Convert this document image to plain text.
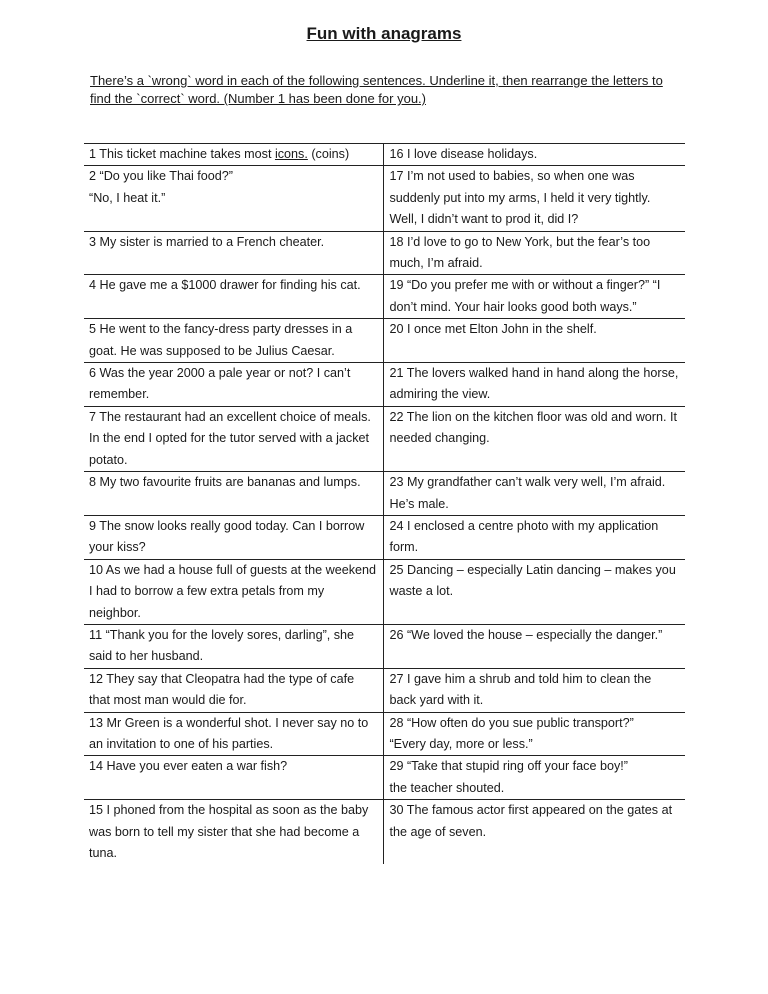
Fun with anagrams

There’s a `wrong` word in each of the following sentences. Underline it, then rearrange the letters to find the `correct` word. (Number 1 has been done for you.)

1 This ticket machine takes most icons. (coins)	16 I love disease holidays.
2 “Do you like Thai food?”
“No, I heat it.”	17 I’m not used to babies, so when one was suddenly put into my arms, I held it very tightly. Well, I didn’t want to prod it, did I?
3 My sister is married to a French cheater.	18 I’d love to go to New York, but the fear’s too much, I’m afraid.
4 He gave me a $1000 drawer for finding his cat.	19 “Do you prefer me with or without a finger?” “I don’t mind. Your hair looks good both ways.”
5 He went to the fancy-dress party dresses in a goat. He was supposed to be Julius Caesar.	20 I once met Elton John in the shelf.
6 Was the year 2000 a pale year or not? I can’t remember.	21 The lovers walked hand in hand along the horse, admiring the view.
7 The restaurant had an excellent choice of meals. In the end I opted for the tutor served with a jacket potato.	22 The lion on the kitchen floor was old and worn. It needed changing.
8 My two favourite fruits are bananas and lumps.	23 My grandfather can’t walk very well, I’m afraid. He’s male.
9 The snow looks really good today. Can I borrow your kiss?	24 I enclosed a centre photo with my application form.
10 As we had a house full of guests at the weekend I had to borrow a few extra petals from my neighbor.	25 Dancing – especially Latin dancing – makes you waste a lot.
11 “Thank you for the lovely sores, darling”, she said to her husband.	26 “We loved the house – especially the danger.”
12 They say that Cleopatra had the type of cafe that most man would die for.	27 I gave him a shrub and told him to clean the back yard with it.
13 Mr Green is a wonderful shot. I never say no to an invitation to one of his parties.	28 “How often do you sue public transport?”
“Every day, more or less.”
14 Have you ever eaten a war fish?	29 “Take that stupid ring off your face boy!”
the teacher shouted.
15 I phoned from the hospital as soon as the baby was born to tell my sister that she had become a tuna.	30 The famous actor first appeared on the gates at the age of seven.
